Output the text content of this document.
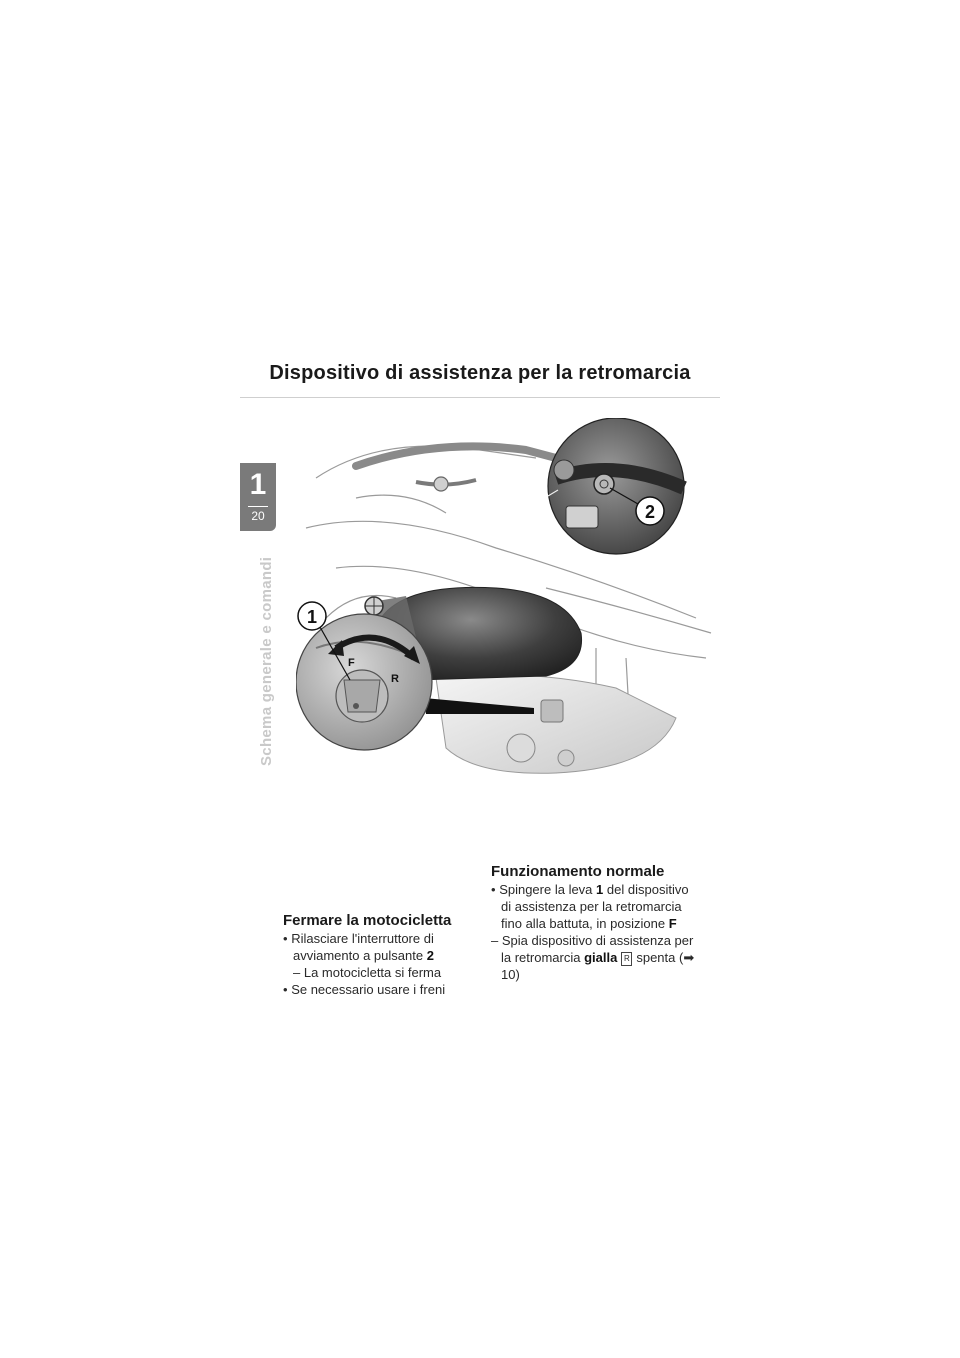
Dispositivo di assistenza per la retromarcia
1
20
Schema generale e comandi	F
R
1
2
Fermare la motocicletta
• Rilasciare l'interruttore di avviamento a pulsante 2
– La motocicletta si ferma
• Se necessario usare i freni
Funzionamento normale
• Spingere la leva 1 del dispositivo di assistenza per la retromarcia fino alla battuta, in posizione F
– Spia dispositivo di assistenza per la retromarcia gialla R spenta (➡ 10)
